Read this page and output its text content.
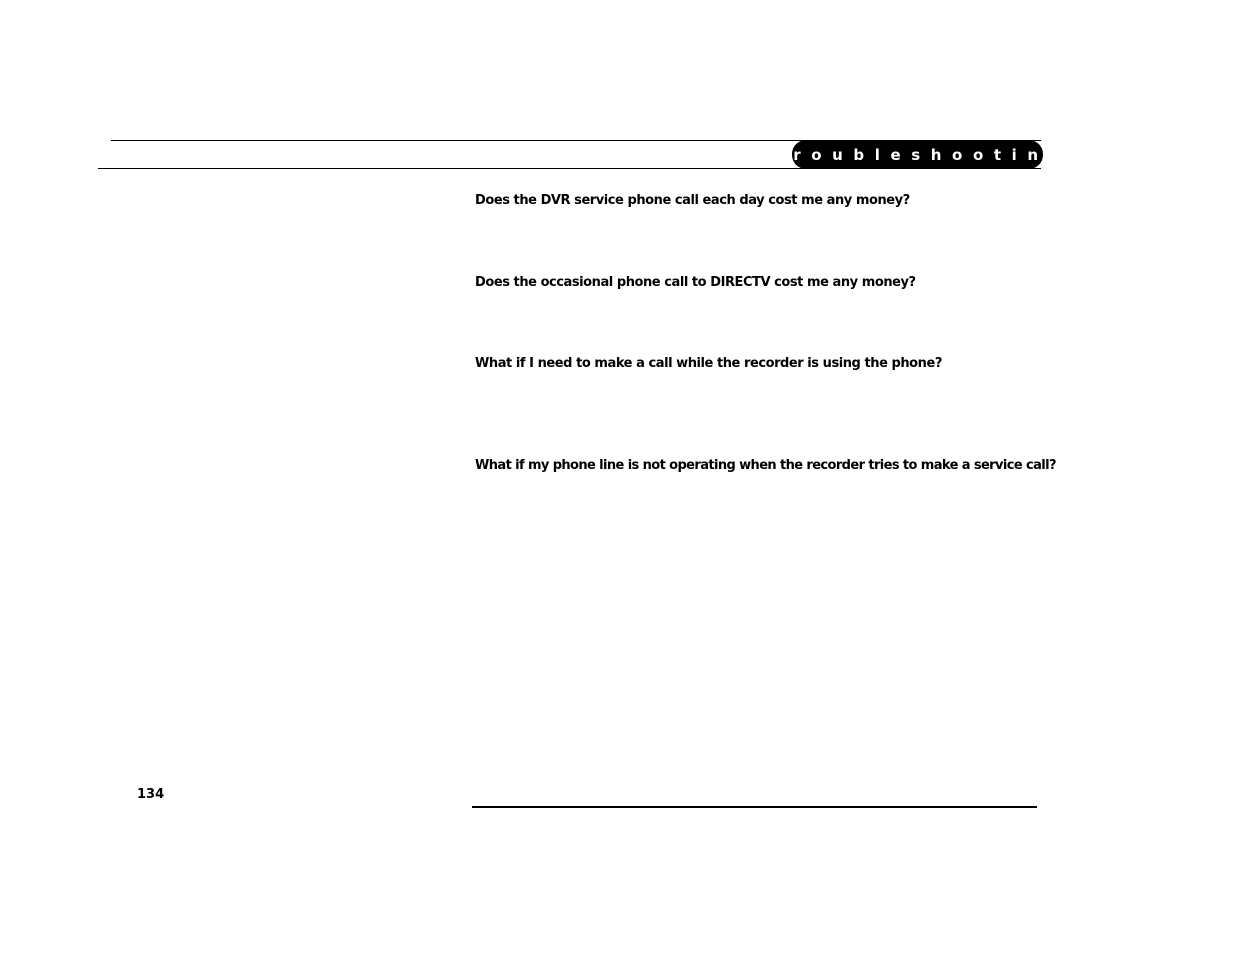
Troubleshooting
Does the DVR service phone call each day cost me any money?
Does the occasional phone call to DIRECTV cost me any money?
What if I need to make a call while the recorder is using the phone?
What if my phone line is not operating when the recorder tries to make a service call?
134
